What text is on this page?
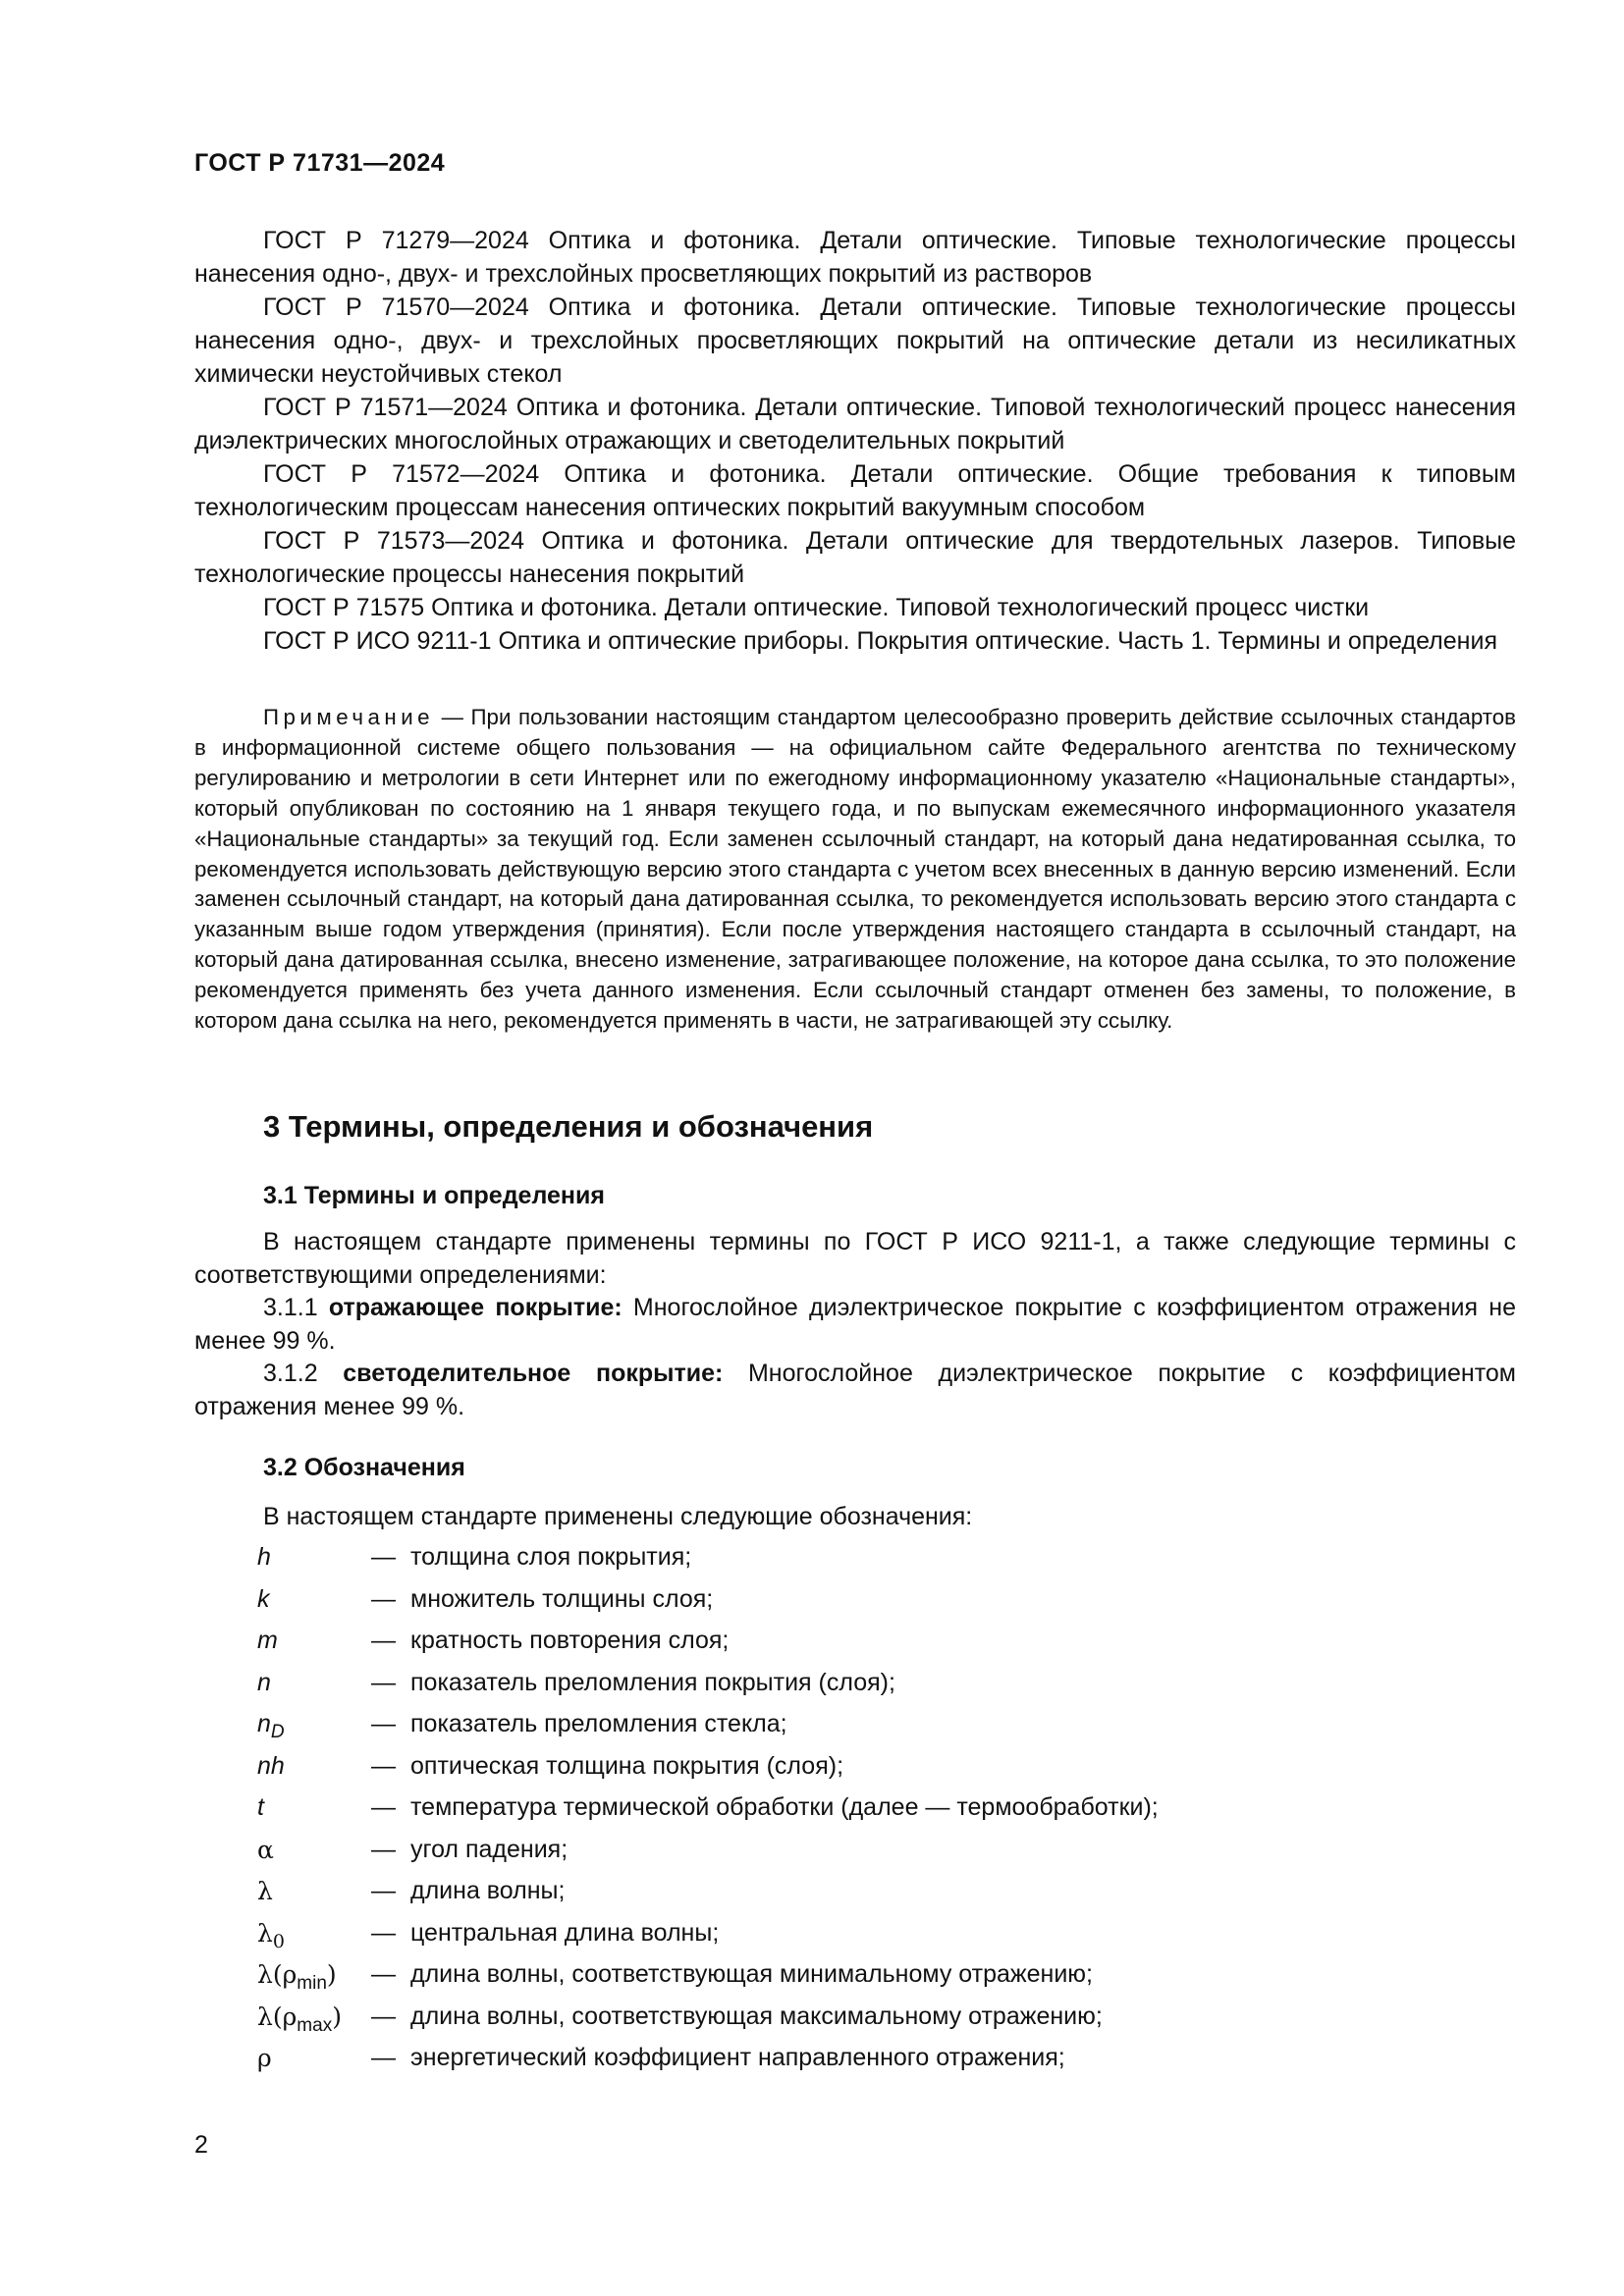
ГОСТ Р 71731—2024

ГОСТ Р 71279—2024 Оптика и фотоника. Детали оптические. Типовые технологические процессы нанесения одно-, двух- и трехслойных просветляющих покрытий из растворов

ГОСТ Р 71570—2024 Оптика и фотоника. Детали оптические. Типовые технологические процессы нанесения одно-, двух- и трехслойных просветляющих покрытий на оптические детали из несиликатных химически неустойчивых стекол

ГОСТ Р 71571—2024 Оптика и фотоника. Детали оптические. Типовой технологический процесс нанесения диэлектрических многослойных отражающих и светоделительных покрытий

ГОСТ Р 71572—2024 Оптика и фотоника. Детали оптические. Общие требования к типовым технологическим процессам нанесения оптических покрытий вакуумным способом

ГОСТ Р 71573—2024 Оптика и фотоника. Детали оптические для твердотельных лазеров. Типовые технологические процессы нанесения покрытий

ГОСТ Р 71575 Оптика и фотоника. Детали оптические. Типовой технологический процесс чистки

ГОСТ Р ИСО 9211-1 Оптика и оптические приборы. Покрытия оптические. Часть 1. Термины и определения

Примечание — При пользовании настоящим стандартом целесообразно проверить действие ссылочных стандартов в информационной системе общего пользования — на официальном сайте Федерального агентства по техническому регулированию и метрологии в сети Интернет или по ежегодному информационному указателю «Национальные стандарты», который опубликован по состоянию на 1 января текущего года, и по выпускам ежемесячного информационного указателя «Национальные стандарты» за текущий год. Если заменен ссылочный стандарт, на который дана недатированная ссылка, то рекомендуется использовать действующую версию этого стандарта с учетом всех внесенных в данную версию изменений. Если заменен ссылочный стандарт, на который дана датированная ссылка, то рекомендуется использовать версию этого стандарта с указанным выше годом утверждения (принятия). Если после утверждения настоящего стандарта в ссылочный стандарт, на который дана датированная ссылка, внесено изменение, затрагивающее положение, на которое дана ссылка, то это положение рекомендуется применять без учета данного изменения. Если ссылочный стандарт отменен без замены, то положение, в котором дана ссылка на него, рекомендуется применять в части, не затрагивающей эту ссылку.
3 Термины, определения и обозначения
3.1 Термины и определения

В настоящем стандарте применены термины по ГОСТ Р ИСО 9211-1, а также следующие термины с соответствующими определениями:

3.1.1 отражающее покрытие: Многослойное диэлектрическое покрытие с коэффициентом отражения не менее 99 %.

3.1.2 светоделительное покрытие: Многослойное диэлектрическое покрытие с коэффициентом отражения менее 99 %.

3.2 Обозначения
В настоящем стандарте применены следующие обозначения:
h	— толщина слоя покрытия;
k	— множитель толщины слоя;
m	— кратность повторения слоя;
n	— показатель преломления покрытия (слоя);
$n_D$	— показатель преломления стекла;
nh	— оптическая толщина покрытия (слоя);
t	— температура термической обработки (далее — термообработки);
α	— угол падения;
λ	— длина волны;
$\lambda_0$	— центральная длина волны;
$\lambda(\rho_{min})$	— длина волны, соответствующая минимальному отражению;
$\lambda(\rho_{max})$	— длина волны, соответствующая максимальному отражению;
ρ	— энергетический коэффициент направленного отражения;
2
